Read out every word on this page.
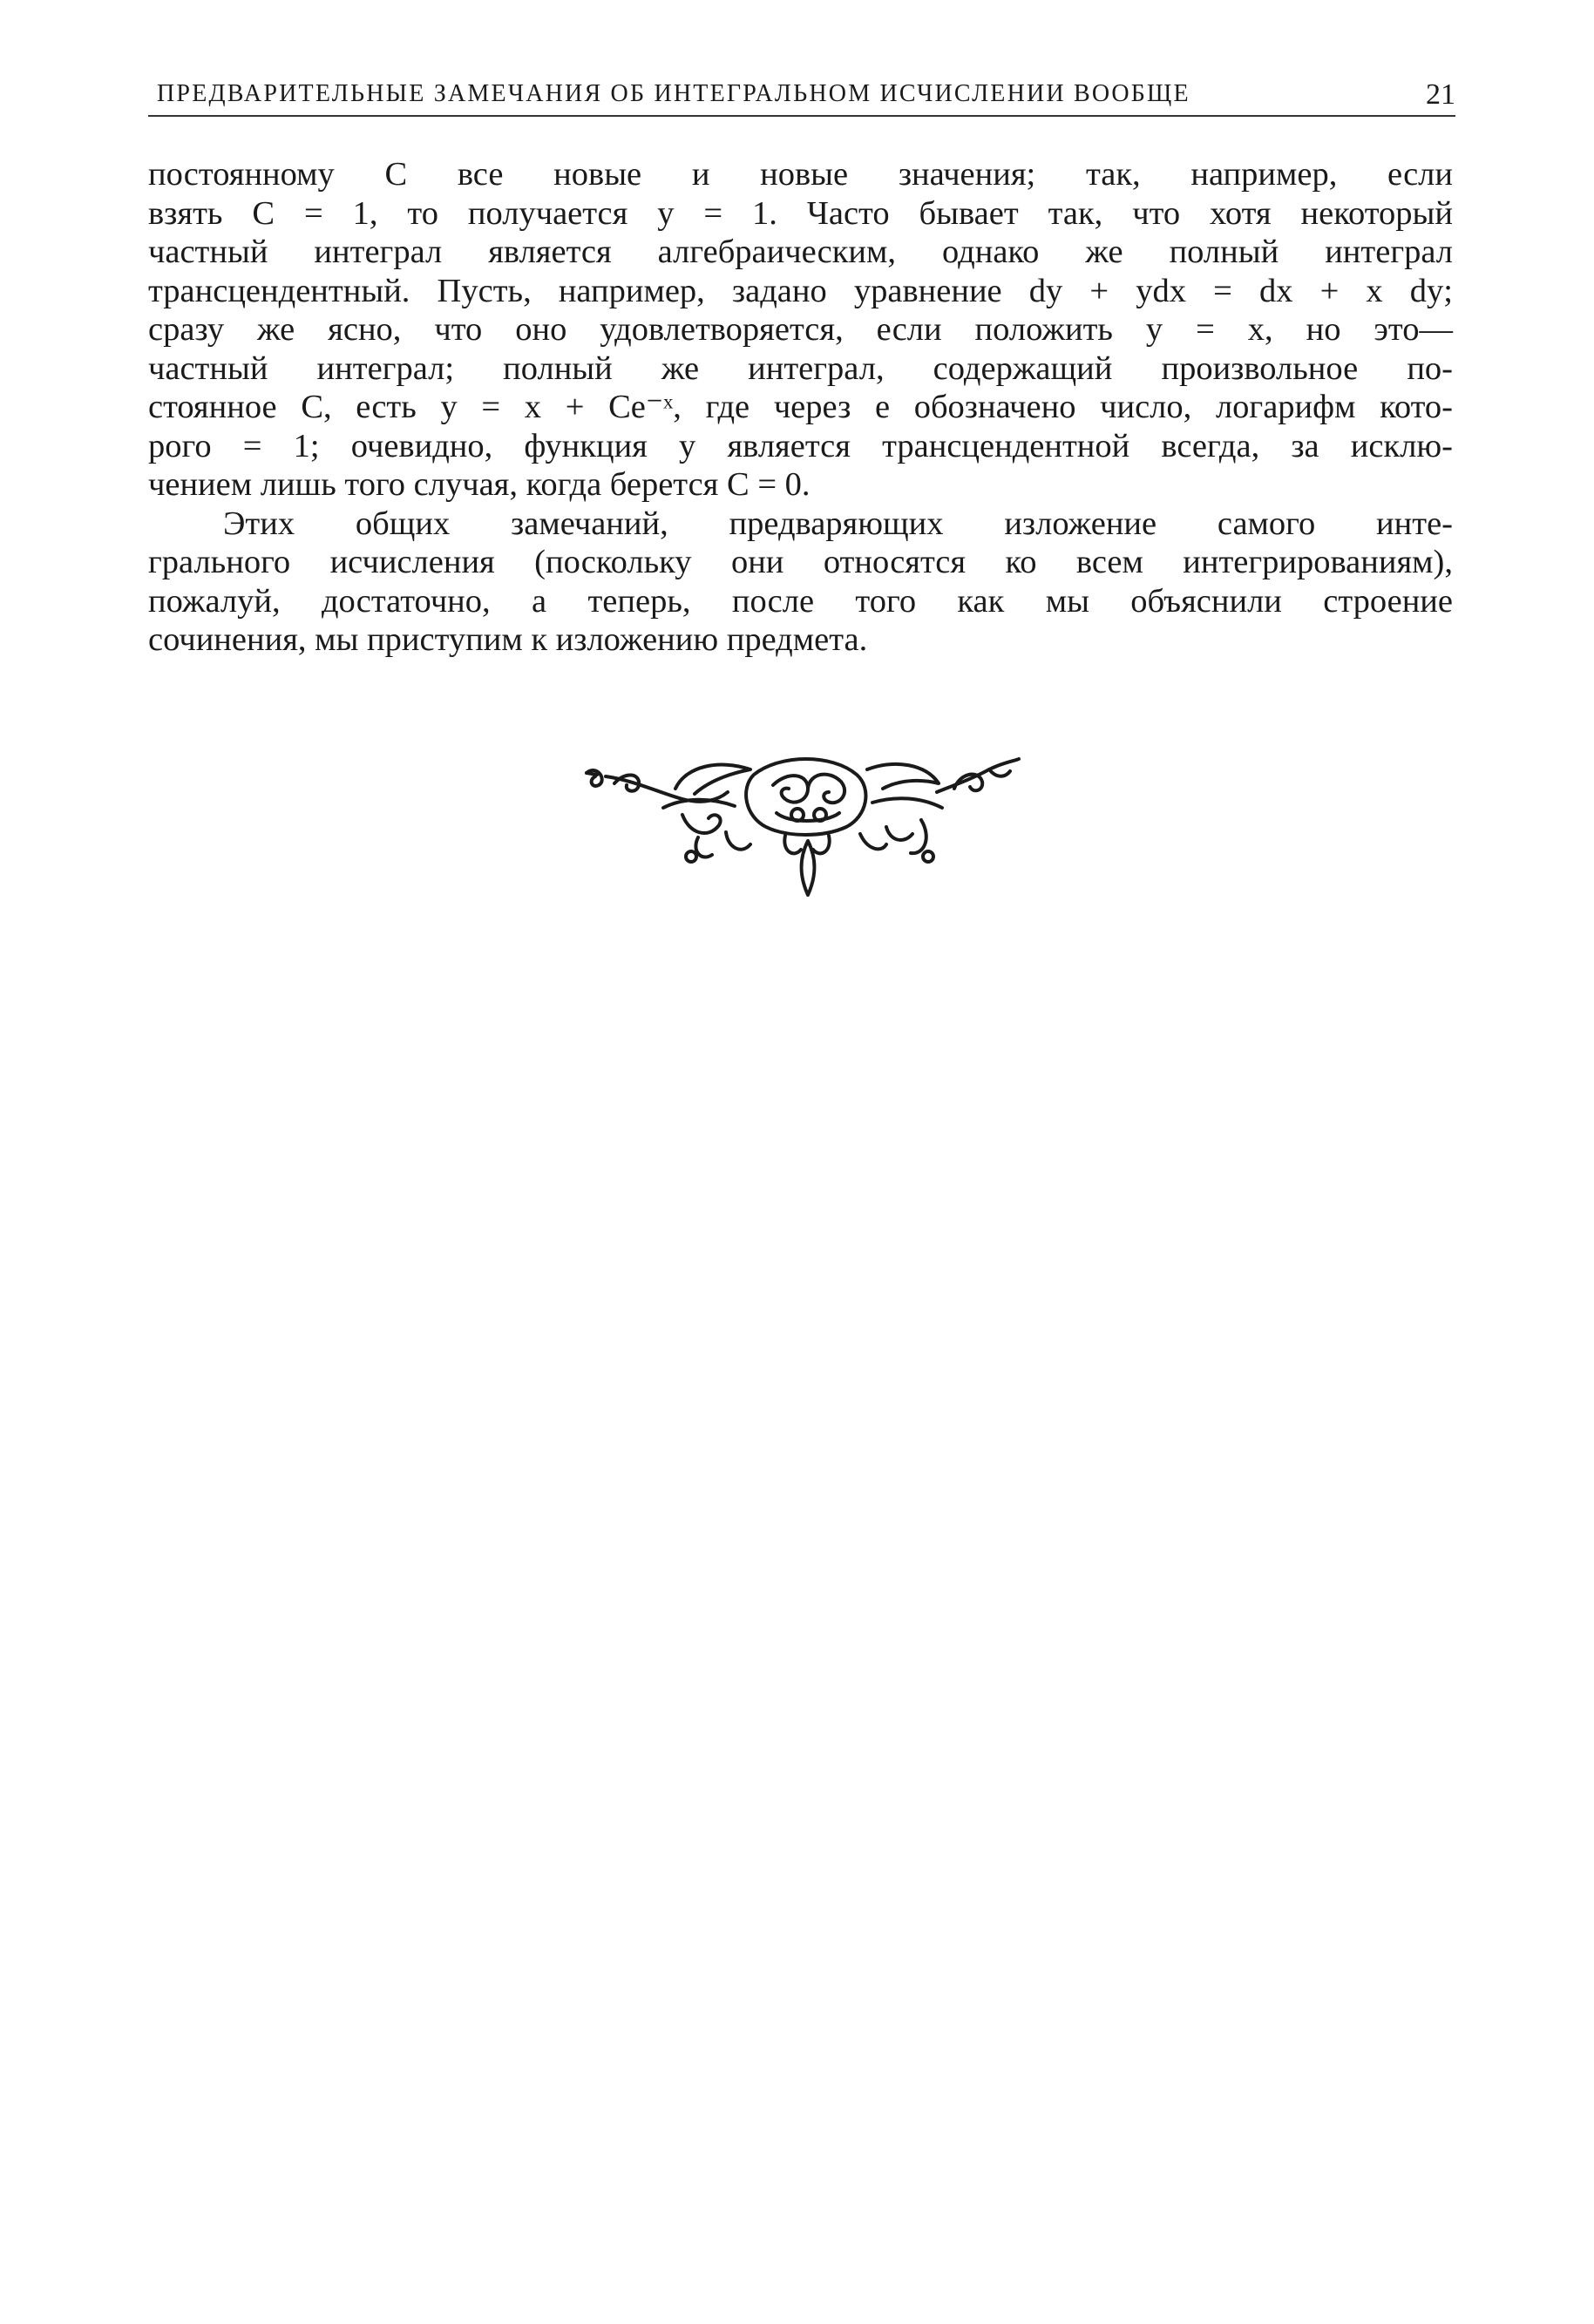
ПРЕДВАРИТЕЛЬНЫЕ ЗАМЕЧАНИЯ ОБ ИНТЕГРАЛЬНОМ ИСЧИСЛЕНИИ ВООБЩЕ	21
постоянному C все новые и новые значения; так, например, если
взять C = 1, то получается y = 1. Часто бывает так, что хотя некоторый
частный интеграл является алгебраическим, однако же полный интеграл
трансцендентный. Пусть, например, задано уравнение dy + ydx = dx + x dy;
сразу же ясно, что оно удовлетворяется, если положить y = x, но это—
частный интеграл; полный же интеграл, содержащий произвольное по-
стоянное C, есть y = x + Ce⁻ˣ, где через e обозначено число, логарифм кото-
рого = 1; очевидно, функция y является трансцендентной всегда, за исклю-
чением лишь того случая, когда берется C = 0.
Этих общих замечаний, предваряющих изложение самого инте-
грального исчисления (поскольку они относятся ко всем интегрированиям),
пожалуй, достаточно, а теперь, после того как мы объяснили строение
сочинения, мы приступим к изложению предмета.
